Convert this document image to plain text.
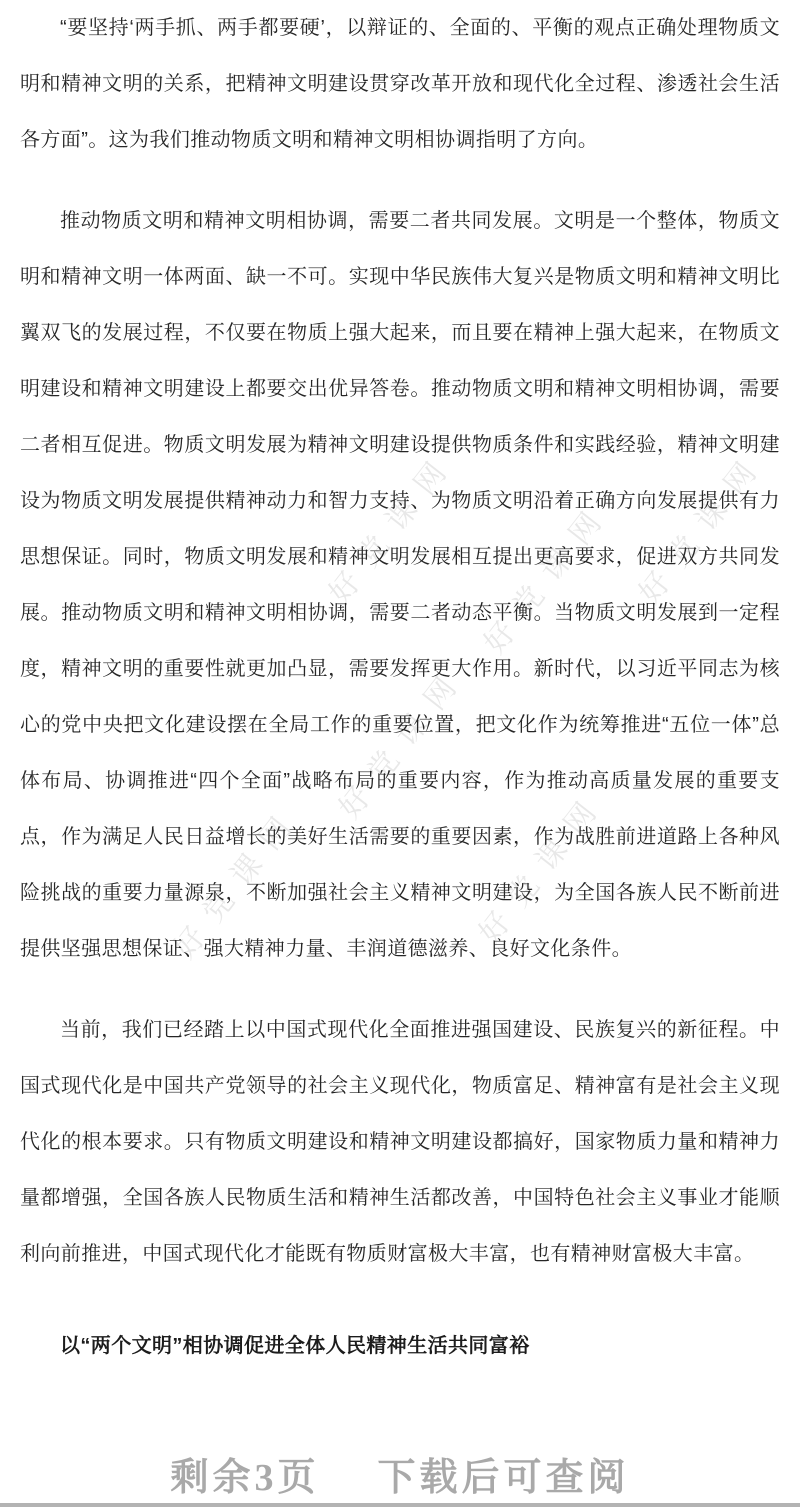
好党课网	好党课网
好党课网
好党课网
好党课网	好党课网

“要坚持‘两手抓、两手都要硬’，以辩证的、全面的、平衡的观点正确处理物质文明和精神文明的关系，把精神文明建设贯穿改革开放和现代化全过程、渗透社会生活各方面”。这为我们推动物质文明和精神文明相协调指明了方向。

推动物质文明和精神文明相协调，需要二者共同发展。文明是一个整体，物质文明和精神文明一体两面、缺一不可。实现中华民族伟大复兴是物质文明和精神文明比翼双飞的发展过程，不仅要在物质上强大起来，而且要在精神上强大起来，在物质文明建设和精神文明建设上都要交出优异答卷。推动物质文明和精神文明相协调，需要二者相互促进。物质文明发展为精神文明建设提供物质条件和实践经验，精神文明建设为物质文明发展提供精神动力和智力支持、为物质文明沿着正确方向发展提供有力思想保证。同时，物质文明发展和精神文明发展相互提出更高要求，促进双方共同发展。推动物质文明和精神文明相协调，需要二者动态平衡。当物质文明发展到一定程度，精神文明的重要性就更加凸显，需要发挥更大作用。新时代，以习近平同志为核心的党中央把文化建设摆在全局工作的重要位置，把文化作为统筹推进“五位一体”总体布局、协调推进“四个全面”战略布局的重要内容，作为推动高质量发展的重要支点，作为满足人民日益增长的美好生活需要的重要因素，作为战胜前进道路上各种风险挑战的重要力量源泉，不断加强社会主义精神文明建设，为全国各族人民不断前进提供坚强思想保证、强大精神力量、丰润道德滋养、良好文化条件。

当前，我们已经踏上以中国式现代化全面推进强国建设、民族复兴的新征程。中国式现代化是中国共产党领导的社会主义现代化，物质富足、精神富有是社会主义现代化的根本要求。只有物质文明建设和精神文明建设都搞好，国家物质力量和精神力量都增强，全国各族人民物质生活和精神生活都改善，中国特色社会主义事业才能顺利向前推进，中国式现代化才能既有物质财富极大丰富，也有精神财富极大丰富。

以“两个文明”相协调促进全体人民精神生活共同富裕
剩余3页 下载后可查阅
